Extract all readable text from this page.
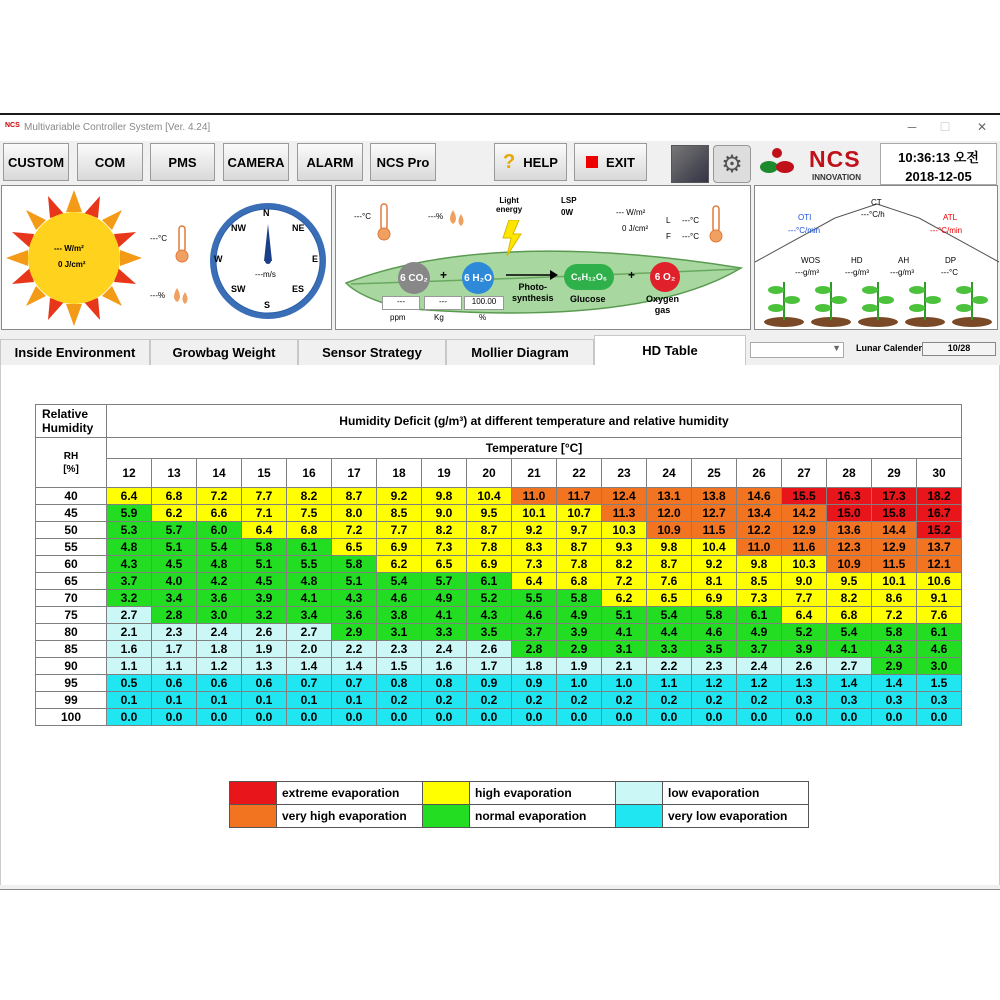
NCS Multivariable Controller System [Ver. 4.24]	─	☐	✕
CUSTOM	COM	PMS	CAMERA	ALARM	NCS Pro	? HELP	EXIT	⚙	NCS
INNOVATION
10:36:13 오전
2018-12-05
--- W/m²
0 J/cm²
---°C
---%
N
NE
E
ES
S
SW
W
NW
---m/s
---°C	---%
Light
energy
LSP
0W	--- W/m²
0 J/cm²
L
F
---°C
---°C
6 CO₂ + 6 H₂O
Photo-
synthesis
C₆H₁₂O₆
Glucose
+	6 O₂
Oxygen
gas
---	---	100.00
ppm	Kg	%
CT
---°C/h
OTI
---°C/min
ATL
---°C/min
WOS
---g/m³
HD
---g/m³
AH
---g/m³
DP
---°C
Inside Environment	Growbag Weight	Sensor Strategy	Mollier Diagram	HD Table	▼ Lunar Calender	10/28
Relative Humidity	Humidity Deficit (g/m³) at different temperature and relative humidity																		
RH
[%]	Temperature [°C]																		
	12	13	14	15	16	17	18	19	20	21	22	23	24	25	26	27	28	29	30
40	6.4	6.8	7.2	7.7	8.2	8.7	9.2	9.8	10.4	11.0	11.7	12.4	13.1	13.8	14.6	15.5	16.3	17.3	18.2
45	5.9	6.2	6.6	7.1	7.5	8.0	8.5	9.0	9.5	10.1	10.7	11.3	12.0	12.7	13.4	14.2	15.0	15.8	16.7
50	5.3	5.7	6.0	6.4	6.8	7.2	7.7	8.2	8.7	9.2	9.7	10.3	10.9	11.5	12.2	12.9	13.6	14.4	15.2
55	4.8	5.1	5.4	5.8	6.1	6.5	6.9	7.3	7.8	8.3	8.7	9.3	9.8	10.4	11.0	11.6	12.3	12.9	13.7
60	4.3	4.5	4.8	5.1	5.5	5.8	6.2	6.5	6.9	7.3	7.8	8.2	8.7	9.2	9.8	10.3	10.9	11.5	12.1
65	3.7	4.0	4.2	4.5	4.8	5.1	5.4	5.7	6.1	6.4	6.8	7.2	7.6	8.1	8.5	9.0	9.5	10.1	10.6
70	3.2	3.4	3.6	3.9	4.1	4.3	4.6	4.9	5.2	5.5	5.8	6.2	6.5	6.9	7.3	7.7	8.2	8.6	9.1
75	2.7	2.8	3.0	3.2	3.4	3.6	3.8	4.1	4.3	4.6	4.9	5.1	5.4	5.8	6.1	6.4	6.8	7.2	7.6
80	2.1	2.3	2.4	2.6	2.7	2.9	3.1	3.3	3.5	3.7	3.9	4.1	4.4	4.6	4.9	5.2	5.4	5.8	6.1
85	1.6	1.7	1.8	1.9	2.0	2.2	2.3	2.4	2.6	2.8	2.9	3.1	3.3	3.5	3.7	3.9	4.1	4.3	4.6
90	1.1	1.1	1.2	1.3	1.4	1.4	1.5	1.6	1.7	1.8	1.9	2.1	2.2	2.3	2.4	2.6	2.7	2.9	3.0
95	0.5	0.6	0.6	0.6	0.7	0.7	0.8	0.8	0.9	0.9	1.0	1.0	1.1	1.2	1.2	1.3	1.4	1.4	1.5
99	0.1	0.1	0.1	0.1	0.1	0.1	0.2	0.2	0.2	0.2	0.2	0.2	0.2	0.2	0.2	0.3	0.3	0.3	0.3
100	0.0	0.0	0.0	0.0	0.0	0.0	0.0	0.0	0.0	0.0	0.0	0.0	0.0	0.0	0.0	0.0	0.0	0.0	0.0
	extreme evaporation		high evaporation		low evaporation
	very high evaporation		normal evaporation		very low evaporation
